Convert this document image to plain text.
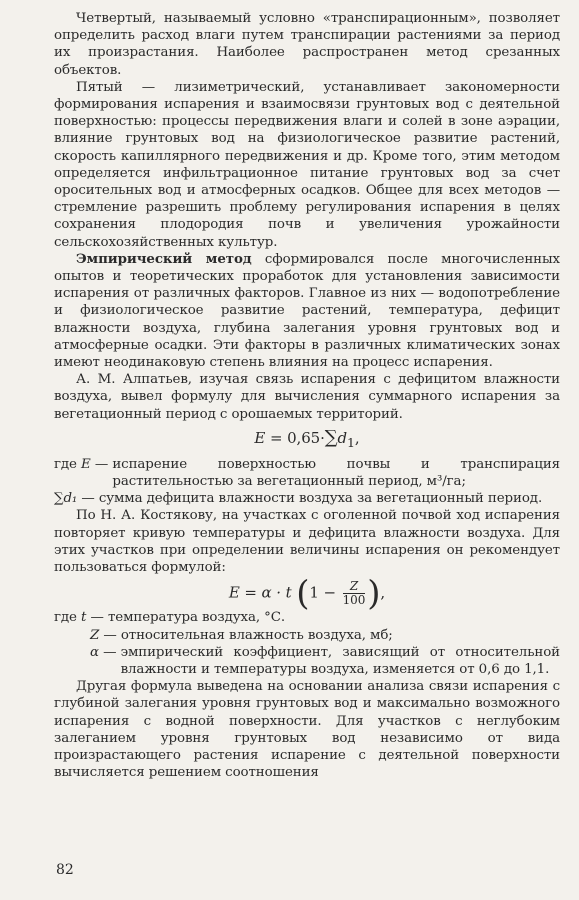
Четвертый, называемый условно «транспирационным», позволяет определить расход влаги путем транспирации растениями за период их произрастания. Наиболее распространен метод срезанных объектов.

Пятый — лизиметрический, устанавливает закономерности формирования испарения и взаимосвязи грунтовых вод с деятельной поверхностью: процессы передвижения влаги и солей в зоне аэрации, влияние грунтовых вод на физиологическое развитие растений, скорость капиллярного передвижения и др. Кроме того, этим методом определяется инфильтрационное питание грунтовых вод за счет оросительных вод и атмосферных осадков. Общее для всех методов — стремление разрешить проблему регулирования испарения в целях сохранения плодородия почв и увеличения урожайности сельскохозяйственных культур.

Эмпирический метод сформировался после многочисленных опытов и теоретических проработок для установления зависимости испарения от различных факторов. Главное из них — водопотребление и физиологическое развитие растений, температура, дефицит влажности воздуха, глубина залегания уровня грунтовых вод и атмосферные осадки. Эти факторы в различных климатических зонах имеют неодинаковую степень влияния на процесс испарения.

А. М. Алпатьев, изучая связь испарения с дефицитом влажности воздуха, вывел формулу для вычисления суммарного испарения за вегетационный период с орошаемых территорий.

$E = 0,65\cdot\sum d_1$,
где E — испарение поверхностью почвы и транспирация растительностью за вегетационный период, м³/га;
∑d₁ — сумма дефицита влажности воздуха за вегетационный период.

По Н. А. Костякову, на участках с оголенной почвой ход испарения повторяет кривую температуры и дефицита влажности воздуха. Для этих участков при определении величины испарения он рекомендует пользоваться формулой:

E = α · t ($1 - \frac{Z}{100}$ ),
где t — температура воздуха, °С.
Z — относительная влажность воздуха, мб;
α — эмпирический коэффициент, зависящий от относительной влажности и температуры воздуха, изменяется от 0,6 до 1,1.

Другая формула выведена на основании анализа связи испарения с глубиной залегания уровня грунтовых вод и максимально возможного испарения с водной поверхности. Для участков с неглубоким залеганием уровня грунтовых вод независимо от вида произрастающего растения испарение с деятельной поверхности вычисляется решением соотношения

82
